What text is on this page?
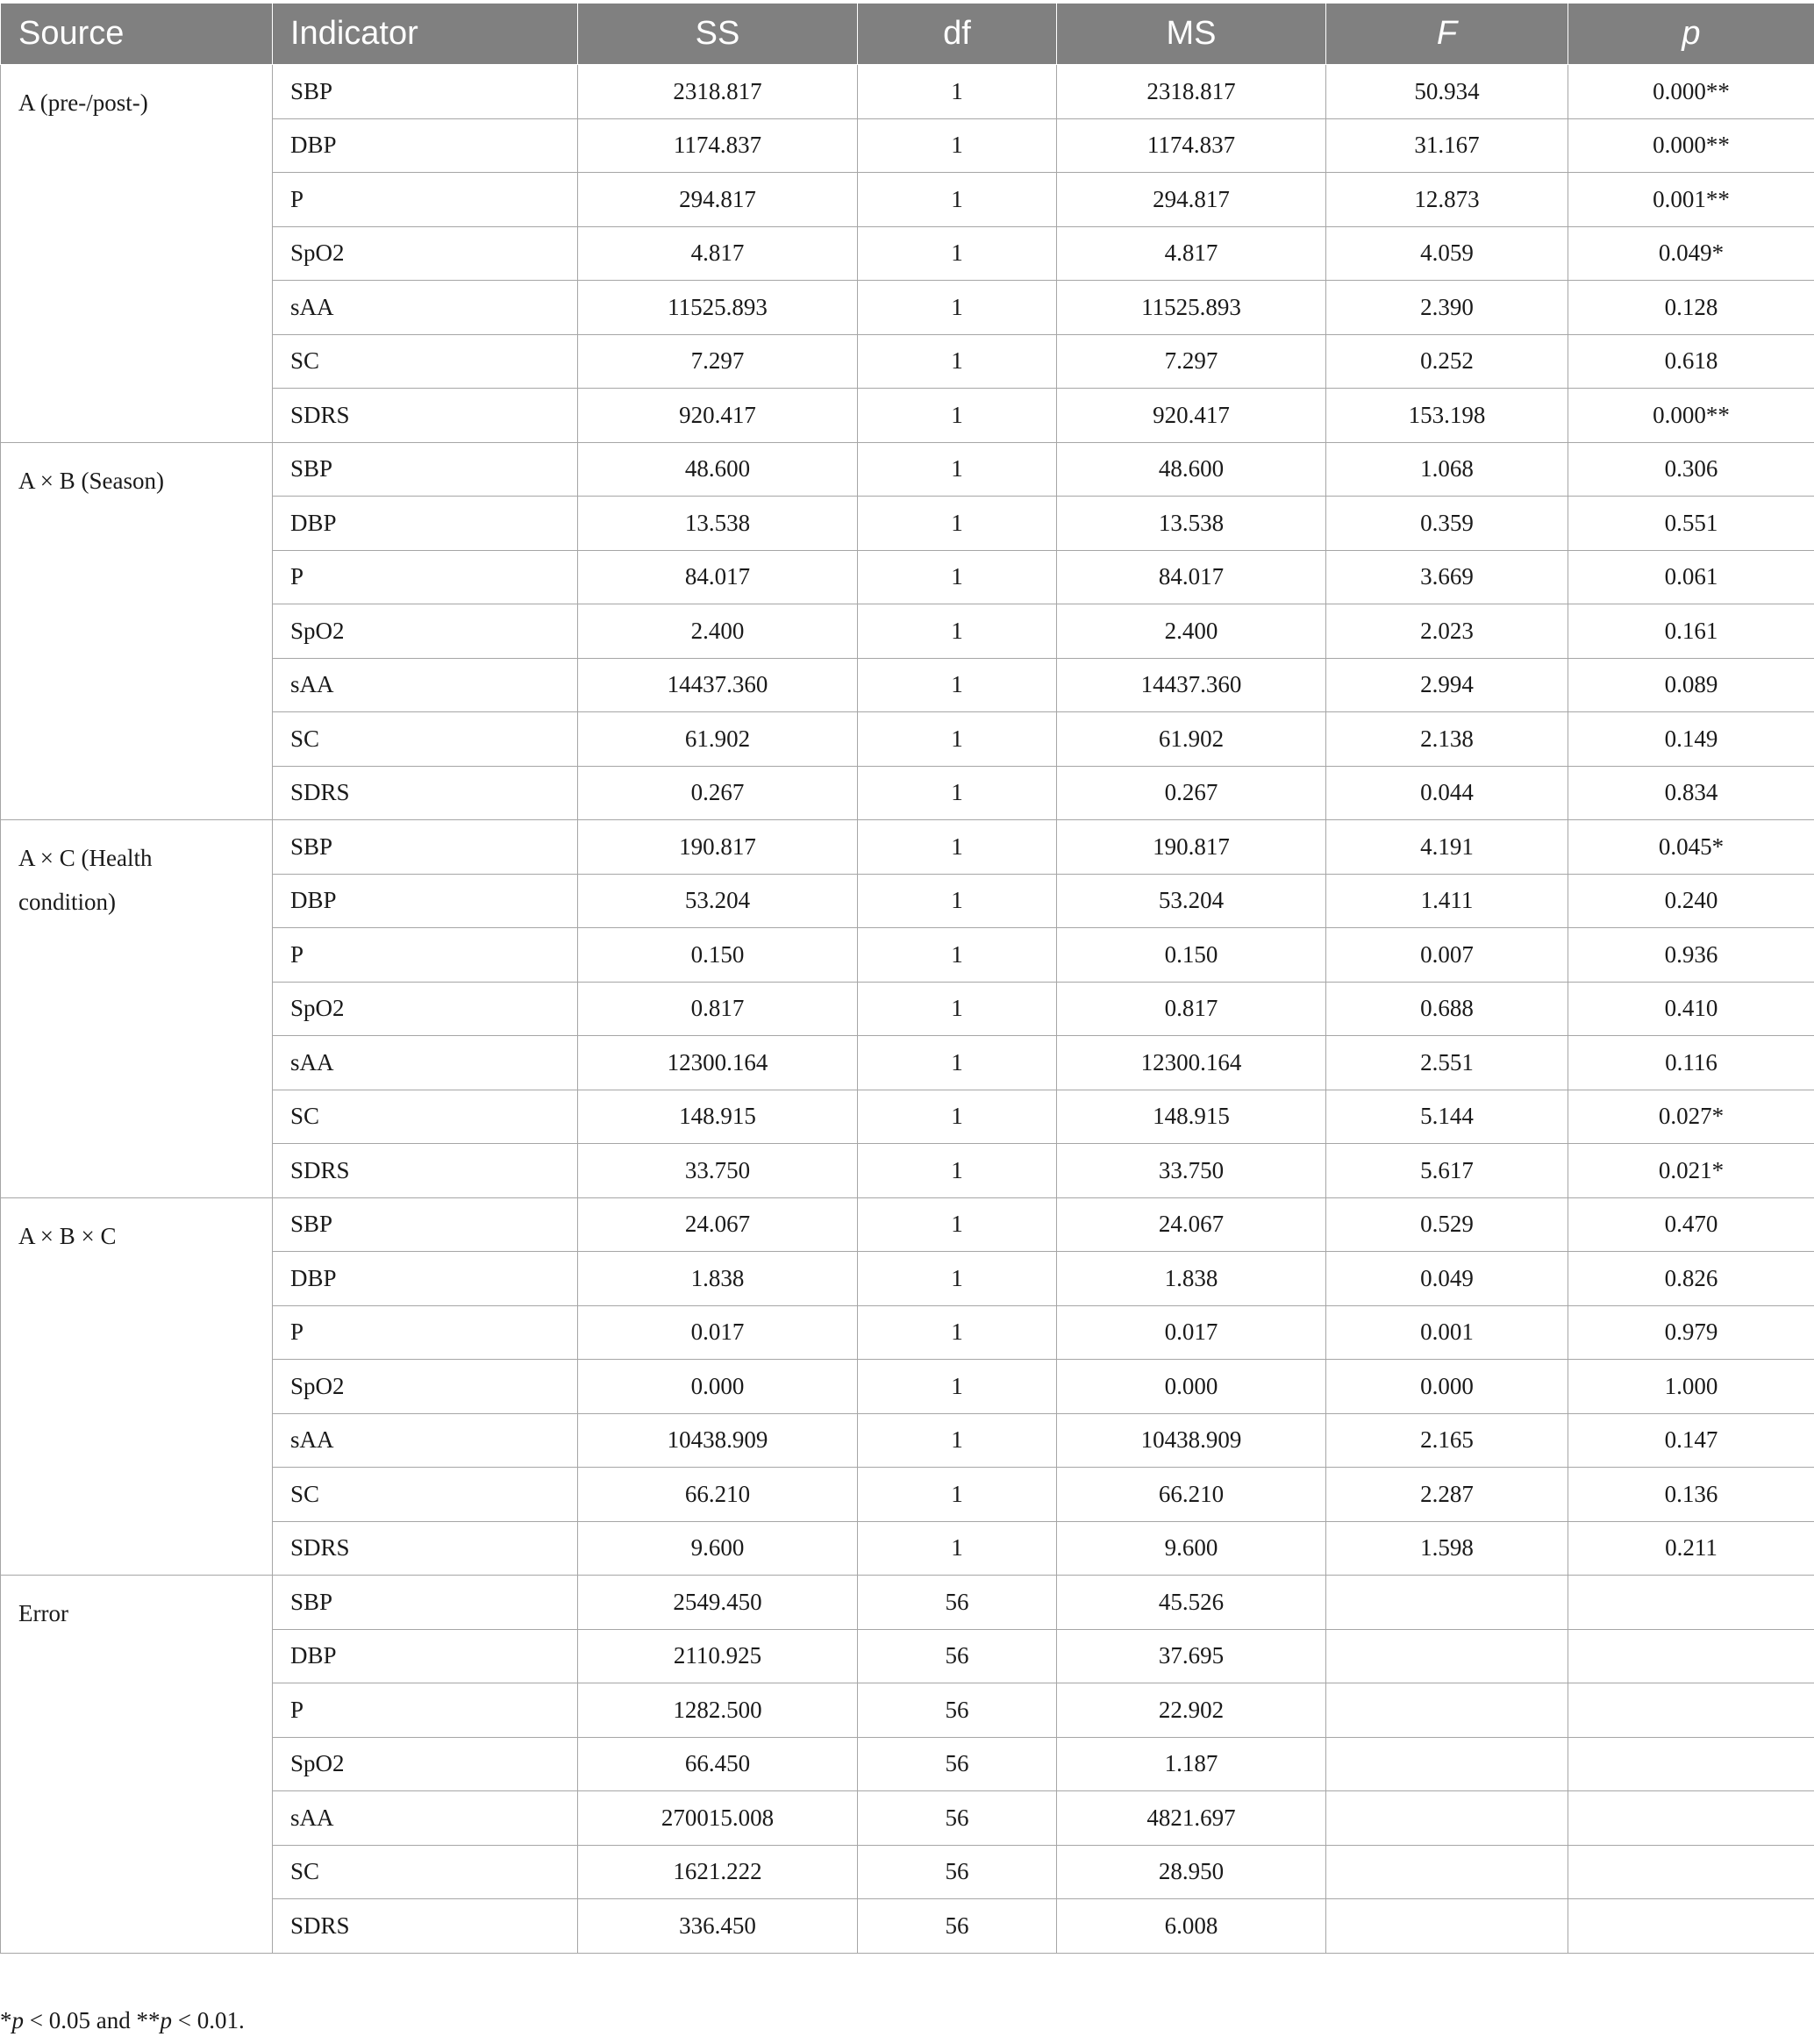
Source	Indicator	SS	df	MS	F	p
A (pre-/post-)	SBP	2318.817	1	2318.817	50.934	0.000**
	DBP	1174.837	1	1174.837	31.167	0.000**
	P	294.817	1	294.817	12.873	0.001**
	SpO2	4.817	1	4.817	4.059	0.049*
	sAA	11525.893	1	11525.893	2.390	0.128
	SC	7.297	1	7.297	0.252	0.618
	SDRS	920.417	1	920.417	153.198	0.000**
A × B (Season)	SBP	48.600	1	48.600	1.068	0.306
	DBP	13.538	1	13.538	0.359	0.551
	P	84.017	1	84.017	3.669	0.061
	SpO2	2.400	1	2.400	2.023	0.161
	sAA	14437.360	1	14437.360	2.994	0.089
	SC	61.902	1	61.902	2.138	0.149
	SDRS	0.267	1	0.267	0.044	0.834
A × C (Health condition)	SBP	190.817	1	190.817	4.191	0.045*
	DBP	53.204	1	53.204	1.411	0.240
	P	0.150	1	0.150	0.007	0.936
	SpO2	0.817	1	0.817	0.688	0.410
	sAA	12300.164	1	12300.164	2.551	0.116
	SC	148.915	1	148.915	5.144	0.027*
	SDRS	33.750	1	33.750	5.617	0.021*
A × B × C	SBP	24.067	1	24.067	0.529	0.470
	DBP	1.838	1	1.838	0.049	0.826
	P	0.017	1	0.017	0.001	0.979
	SpO2	0.000	1	0.000	0.000	1.000
	sAA	10438.909	1	10438.909	2.165	0.147
	SC	66.210	1	66.210	2.287	0.136
	SDRS	9.600	1	9.600	1.598	0.211
Error	SBP	2549.450	56	45.526		
	DBP	2110.925	56	37.695		
	P	1282.500	56	22.902		
	SpO2	66.450	56	1.187		
	sAA	270015.008	56	4821.697		
	SC	1621.222	56	28.950		
	SDRS	336.450	56	6.008		
*p < 0.05 and **p < 0.01.
